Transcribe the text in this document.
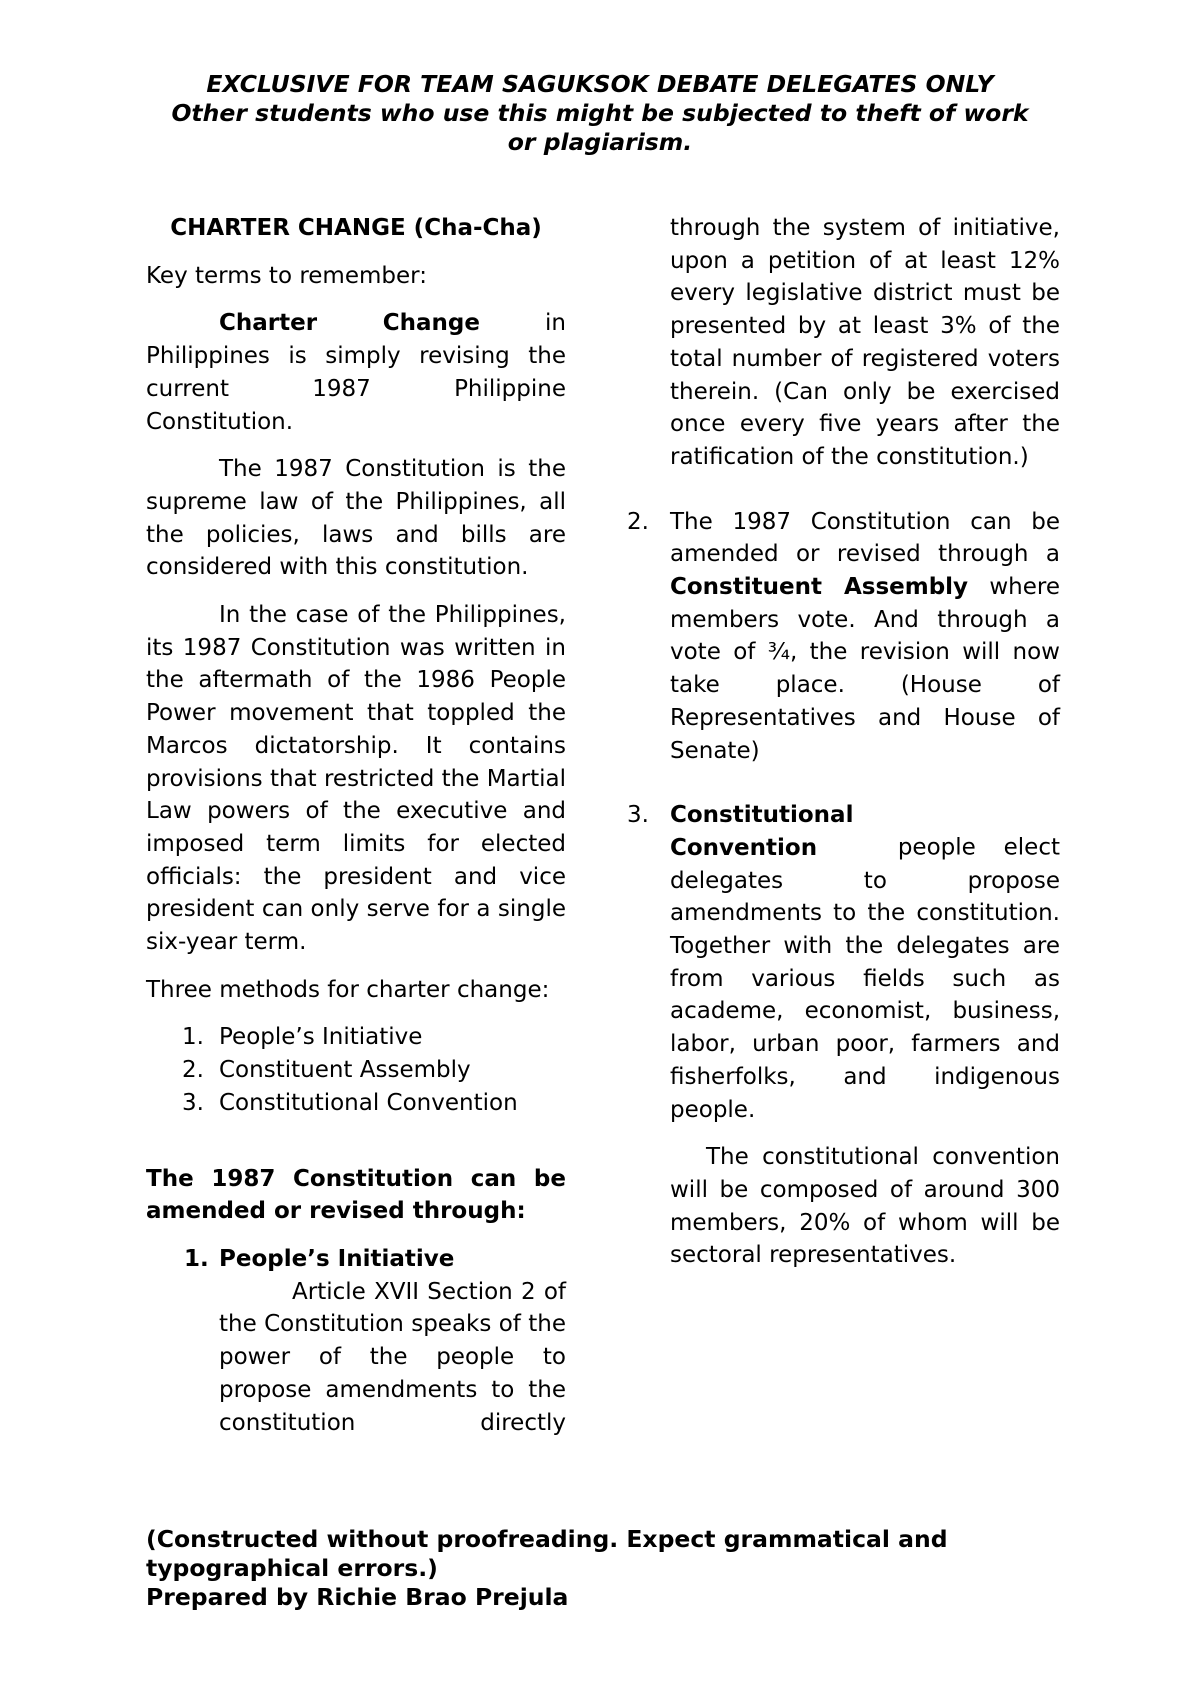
EXCLUSIVE FOR TEAM SAGUKSOK DEBATE DELEGATES ONLY
Other students who use this might be subjected to theft of work
or plagiarism.

CHARTER CHANGE (Cha-Cha)

Key terms to remember:

Charter Change in Philippines is simply revising the current 1987 Philippine Constitution.

The 1987 Constitution is the supreme law of the Philippines, all the policies, laws and bills are considered with this constitution.

In the case of the Philippines, its 1987 Constitution was written in the aftermath of the 1986 People Power movement that toppled the Marcos dictatorship. It contains provisions that restricted the Martial Law powers of the executive and imposed term limits for elected officials: the president and vice president can only serve for a single six-year term.

Three methods for charter change:

1. People’s Initiative
2. Constituent Assembly
3. Constitutional Convention

The 1987 Constitution can be amended or revised through:

1. People’s Initiative

Article XVII Section 2 of the Constitution speaks of the power of the people to propose amendments to the constitution directly

through the system of initiative, upon a petition of at least 12% every legislative district must be presented by at least 3% of the total number of registered voters therein. (Can only be exercised once every five years after the ratification of the constitution.)

2. The 1987 Constitution can be amended or revised through a Constituent Assembly where members vote. And through a vote of ¾, the revision will now take place. (House of Representatives and House of Senate)

3. Constitutional Convention people elect delegates to propose amendments to the constitution. Together with the delegates are from various fields such as academe, economist, business, labor, urban poor, farmers and fisherfolks, and indigenous people.

The constitutional convention will be composed of around 300 members, 20% of whom will be sectoral representatives.

(Constructed without proofreading. Expect grammatical and typographical errors.)
Prepared by Richie Brao Prejula
